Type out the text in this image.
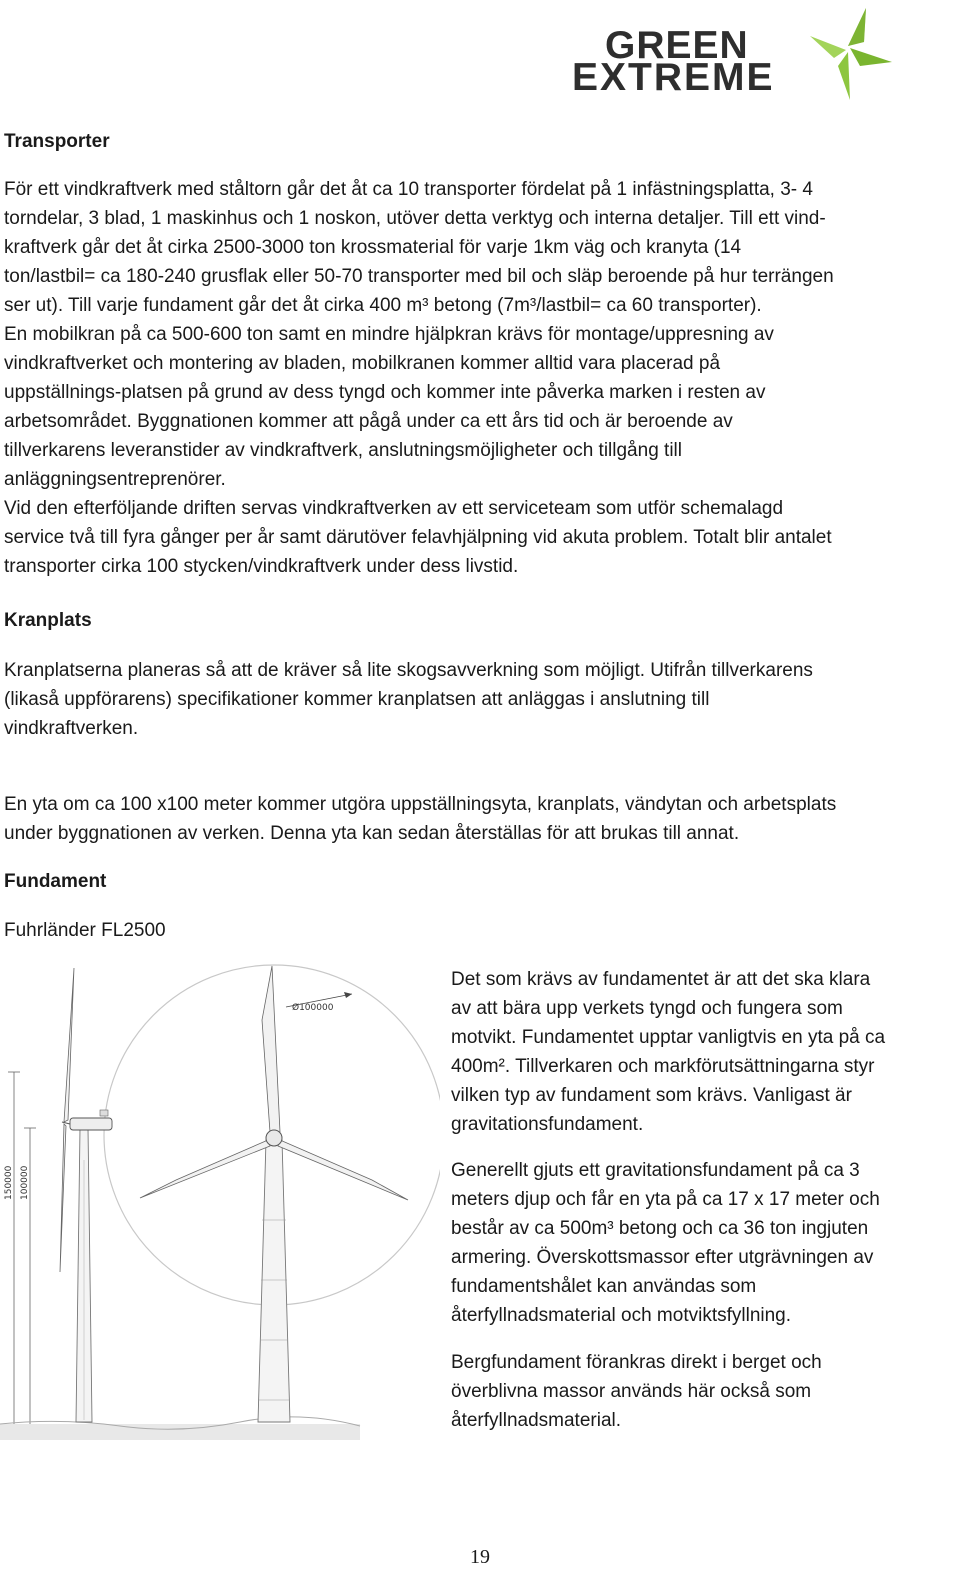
GREEN
EXTREME
Transporter
För ett vindkraftverk med ståltorn går det åt ca 10 transporter fördelat på 1 infästningsplatta, 3- 4
torndelar, 3 blad, 1 maskinhus och 1 noskon, utöver detta verktyg och interna detaljer. Till ett vind-
kraftverk går det åt cirka 2500-3000 ton krossmaterial för varje 1km väg och kranyta (14
ton/lastbil= ca 180-240 grusflak eller 50-70 transporter med bil och släp beroende på hur terrängen
ser ut). Till varje fundament går det åt cirka 400 m³ betong (7m³/lastbil= ca 60 transporter).
En mobilkran på ca 500-600 ton samt en mindre hjälpkran krävs för montage/uppresning av
vindkraftverket och montering av bladen, mobilkranen kommer alltid vara placerad på
uppställnings-platsen på grund av dess tyngd och kommer inte påverka marken i resten av
arbetsområdet. Byggnationen kommer att pågå under ca ett års tid och är beroende av
tillverkarens leveranstider av vindkraftverk, anslutningsmöjligheter och tillgång till
anläggningsentreprenörer.
Vid den efterföljande driften servas vindkraftverken av ett serviceteam som utför schemalagd
service två till fyra gånger per år samt därutöver felavhjälpning vid akuta problem. Totalt blir antalet
transporter cirka 100 stycken/vindkraftverk under dess livstid.
Kranplats
Kranplatserna planeras så att de kräver så lite skogsavverkning som möjligt. Utifrån tillverkarens
(likaså uppförarens) specifikationer kommer kranplatsen att anläggas i anslutning till
vindkraftverken.
En yta om ca 100 x100 meter kommer utgöra uppställningsyta, kranplats, vändytan och arbetsplats
under byggnationen av verken. Denna yta kan sedan återställas för att brukas till annat.
Fundament
Fuhrländer FL2500
Ø100000
150000 100000
Det som krävs av fundamentet är att det ska klara
av att bära upp verkets tyngd och fungera som
motvikt. Fundamentet upptar vanligtvis en yta på ca
400m². Tillverkaren och markförutsättningarna styr
vilken typ av fundament som krävs. Vanligast är
gravitationsfundament.
Generellt gjuts ett gravitationsfundament på ca 3
meters djup och får en yta på ca 17 x 17 meter och
består av ca 500m³ betong och ca 36 ton ingjuten
armering. Överskottsmassor efter utgrävningen av
fundamentshålet kan användas som
återfyllnadsmaterial och motviktsfyllning.
Bergfundament förankras direkt i berget och
överblivna massor används här också som
återfyllnadsmaterial.
19
